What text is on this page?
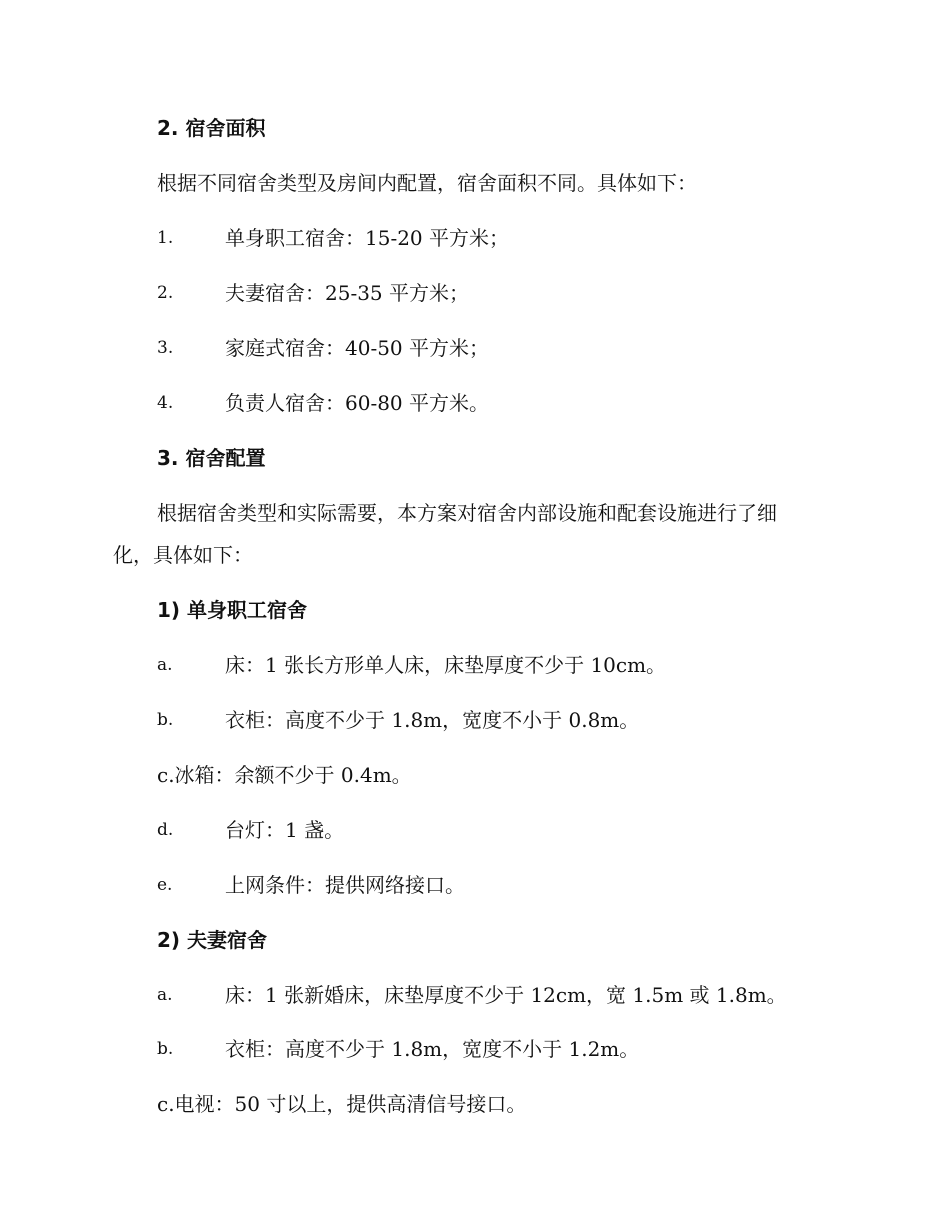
2. 宿舍面积
根据不同宿舍类型及房间内配置，宿舍面积不同。具体如下：
1.	单身职工宿舍：15-20 平方米；
2.	夫妻宿舍：25-35 平方米；
3.	家庭式宿舍：40-50 平方米；
4.	负责人宿舍：60-80 平方米。
3. 宿舍配置
根据宿舍类型和实际需要，本方案对宿舍内部设施和配套设施进行了细
化，具体如下：
1) 单身职工宿舍
a.	床：1 张长方形单人床，床垫厚度不少于 10cm。
b.	衣柜：高度不少于 1.8m，宽度不小于 0.8m。
c.冰箱：余额不少于 0.4m。
d.	台灯：1 盏。
e.	上网条件：提供网络接口。
2) 夫妻宿舍
a.	床：1 张新婚床，床垫厚度不少于 12cm，宽 1.5m 或 1.8m。
b.	衣柜：高度不少于 1.8m，宽度不小于 1.2m。
c.电视：50 寸以上，提供高清信号接口。
